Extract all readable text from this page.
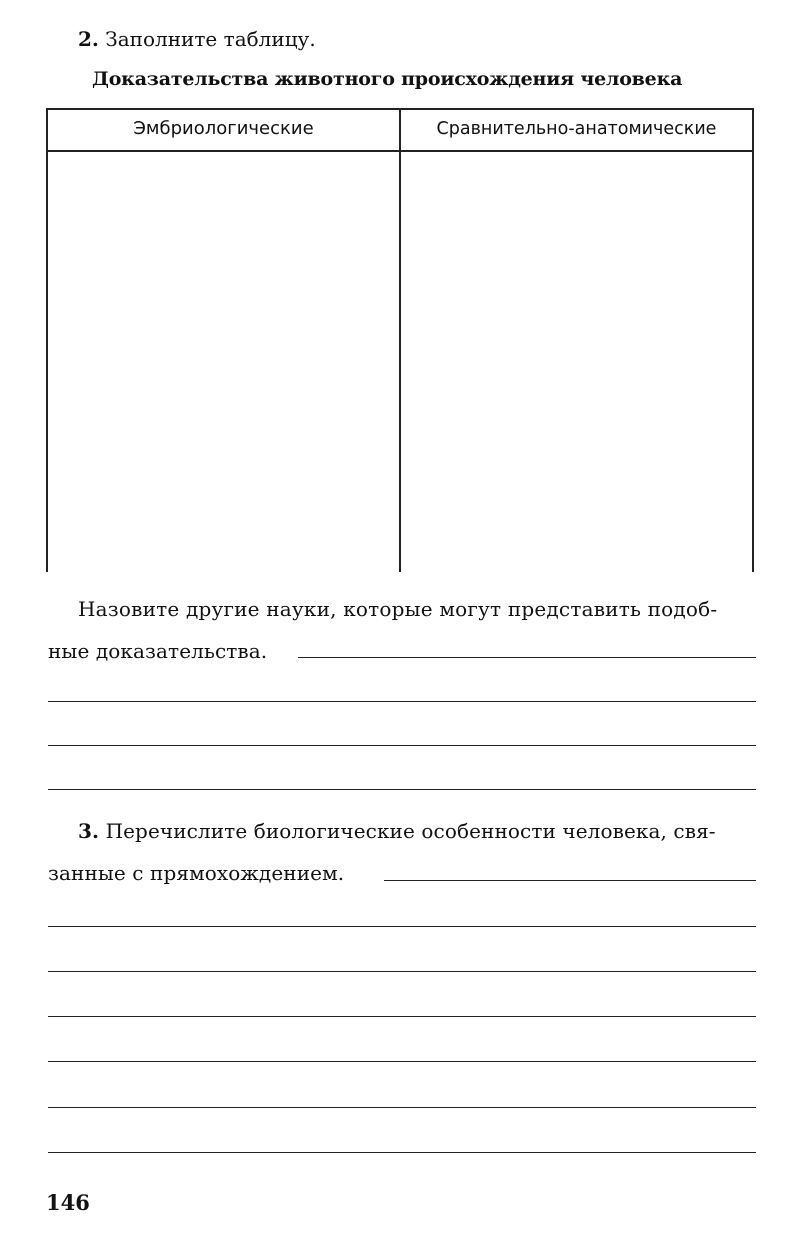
2. Заполните таблицу.
Доказательства животного происхождения человека
Эмбриологические	Сравнительно-анатомические
Назовите другие науки, которые могут представить подоб-
ные доказательства.
3. Перечислите биологические особенности человека, свя-
занные с прямохождением.
146
